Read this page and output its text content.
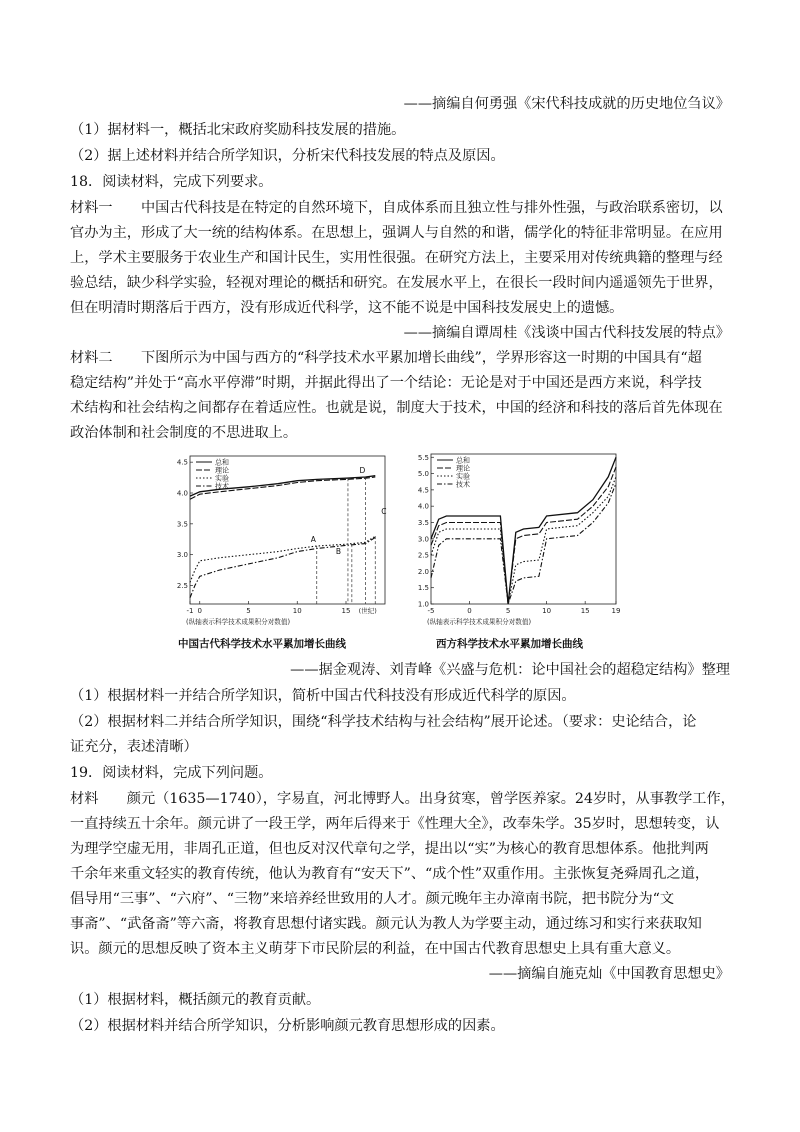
——摘编自何勇强《宋代科技成就的历史地位刍议》
（1）据材料一，概括北宋政府奖励科技发展的措施。
（2）据上述材料并结合所学知识，分析宋代科技发展的特点及原因。
18．阅读材料，完成下列要求。
材料一　　中国古代科技是在特定的自然环境下，自成体系而且独立性与排外性强，与政治联系密切，以
官办为主，形成了大一统的结构体系。在思想上，强调人与自然的和谐，儒学化的特征非常明显。在应用
上，学术主要服务于农业生产和国计民生，实用性很强。在研究方法上，主要采用对传统典籍的整理与经
验总结，缺少科学实验，轻视对理论的概括和研究。在发展水平上，在很长一段时间内遥遥领先于世界，
但在明清时期落后于西方，没有形成近代科学，这不能不说是中国科技发展史上的遗憾。
——摘编自谭周桂《浅谈中国古代科技发展的特点》
材料二　　下图所示为中国与西方的“科学技术水平累加增长曲线”，学界形容这一时期的中国具有“超
稳定结构”并处于“高水平停滞”时期，并据此得出了一个结论：无论是对于中国还是西方来说，科学技
术结构和社会结构之间都存在着适应性。也就是说，制度大于技术，中国的经济和科技的落后首先体现在
政治体制和社会制度的不思进取上。
-1 0	5	10	15
2.5
3.0
3.5
4.0
4.5	总和
理论
实验
技术
(纵轴表示科学技术成果积分对数值)
(世纪)
A
B
C
D
-5	0	5	10	15	19
1.0
1.5
2.0
2.5
3.0
3.5
4.0
4.5
5.0
5.5	总和
理论
实验
技术
(纵轴表示科学技术成果积分对数值)
中国古代科学技术水平累加增长曲线	西方科学技术水平累加增长曲线
——据金观涛、刘青峰《兴盛与危机：论中国社会的超稳定结构》整理
（1）根据材料一并结合所学知识，简析中国古代科技没有形成近代科学的原因。
（2）根据材料二并结合所学知识，围绕“科学技术结构与社会结构”展开论述。（要求：史论结合，论
证充分，表述清晰）
19．阅读材料，完成下列问题。
材料　　颜元（1635—1740），字易直，河北博野人。出身贫寒，曾学医养家。24岁时，从事教学工作，
一直持续五十余年。颜元讲了一段王学，两年后得来于《性理大全》，改奉朱学。35岁时，思想转变，认
为理学空虚无用，非周孔正道，但也反对汉代章句之学，提出以“实”为核心的教育思想体系。他批判两
千余年来重文轻实的教育传统，他认为教育有“安天下”、“成个性”双重作用。主张恢复尧舜周孔之道，
倡导用“三事”、“六府”、“三物”来培养经世致用的人才。颜元晚年主办漳南书院，把书院分为“文
事斋”、“武备斋”等六斋，将教育思想付诸实践。颜元认为教人为学要主动，通过练习和实行来获取知
识。颜元的思想反映了资本主义萌芽下市民阶层的利益，在中国古代教育思想史上具有重大意义。
——摘编自施克灿《中国教育思想史》
（1）根据材料，概括颜元的教育贡献。
（2）根据材料并结合所学知识，分析影响颜元教育思想形成的因素。
